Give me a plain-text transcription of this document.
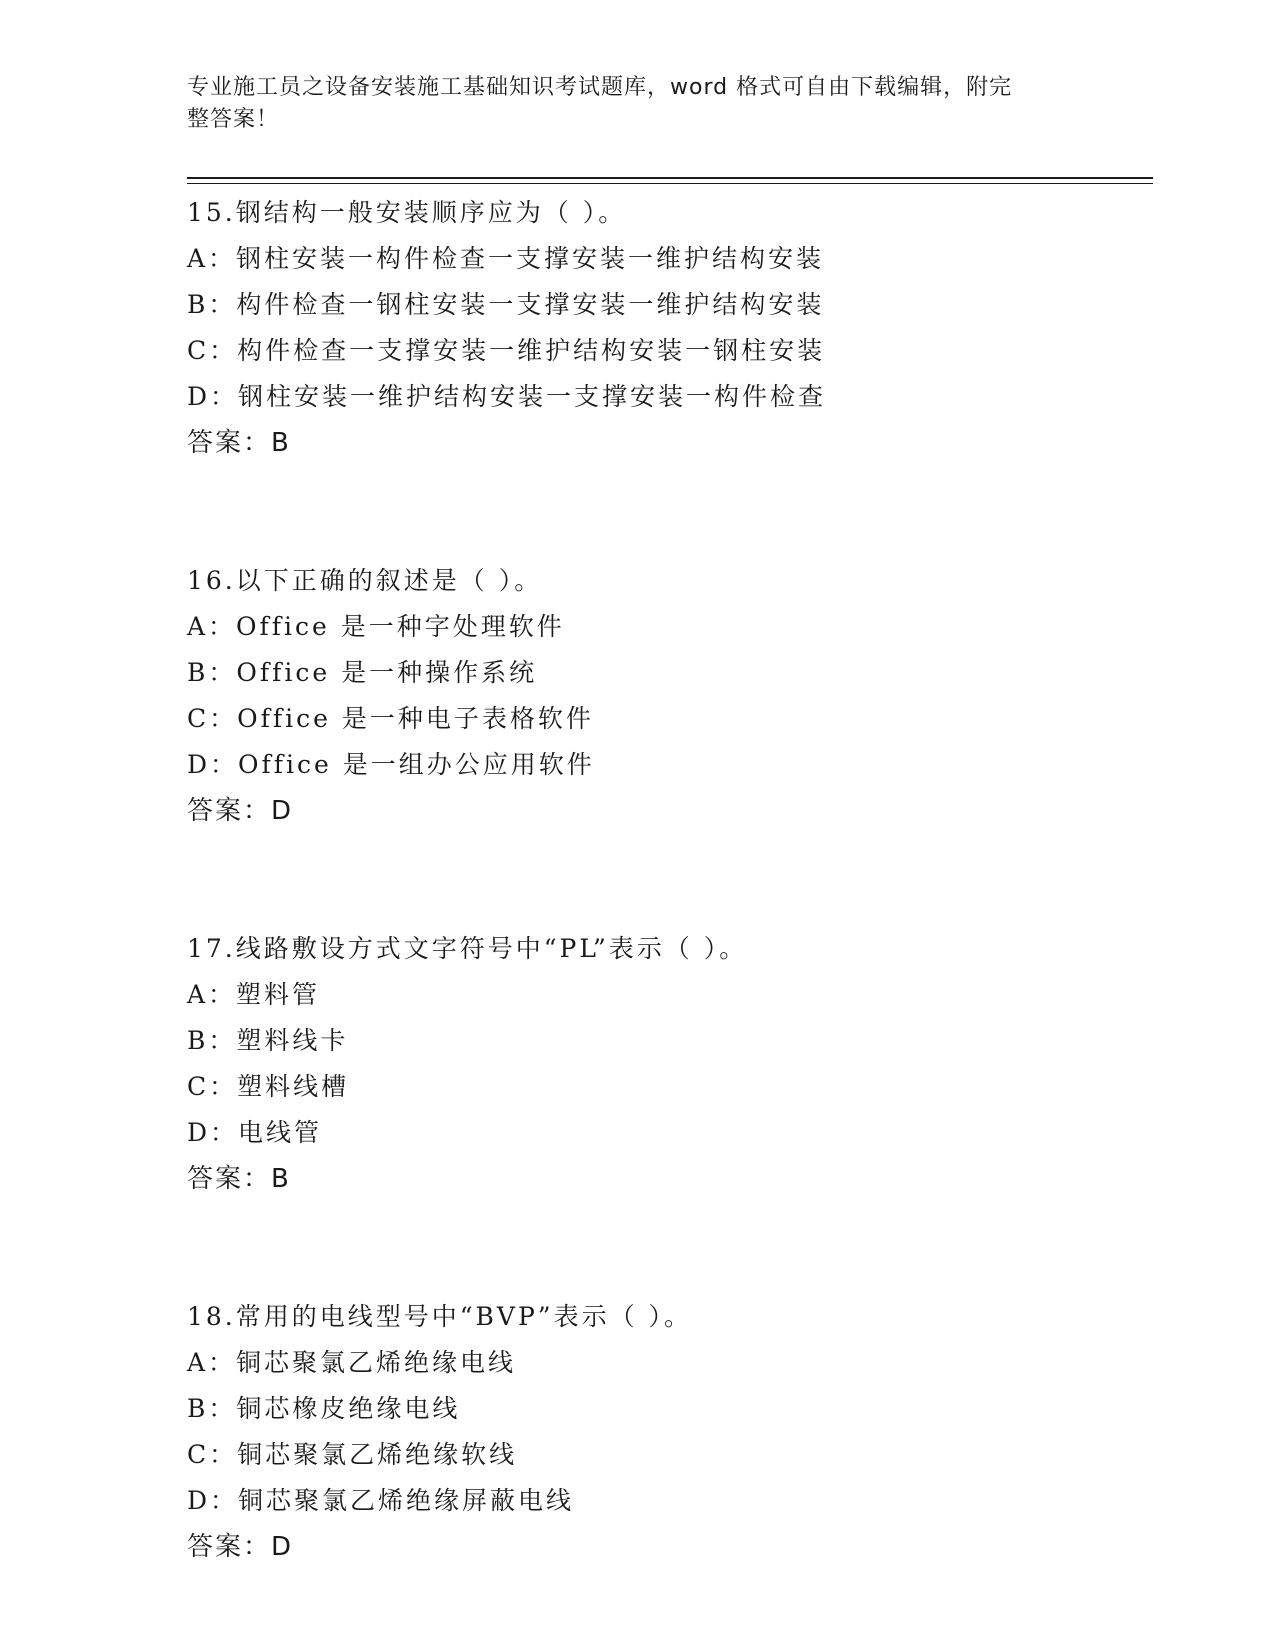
专业施工员之设备安装施工基础知识考试题库，word 格式可自由下载编辑，附完
整答案！
15.钢结构一般安装顺序应为（ ）。
A：钢柱安装一构件检查一支撑安装一维护结构安装
B：构件检查一钢柱安装一支撑安装一维护结构安装
C：构件检查一支撑安装一维护结构安装一钢柱安装
D：钢柱安装一维护结构安装一支撑安装一构件检查
答案：B
16.以下正确的叙述是（ ）。
A：Office 是一种字处理软件
B：Office 是一种操作系统
C：Office 是一种电子表格软件
D：Office 是一组办公应用软件
答案：D
17.线路敷设方式文字符号中“PL”表示（ ）。
A：塑料管
B：塑料线卡
C：塑料线槽
D：电线管
答案：B
18.常用的电线型号中“BVP”表示（ ）。
A：铜芯聚氯乙烯绝缘电线
B：铜芯橡皮绝缘电线
C：铜芯聚氯乙烯绝缘软线
D：铜芯聚氯乙烯绝缘屏蔽电线
答案：D
